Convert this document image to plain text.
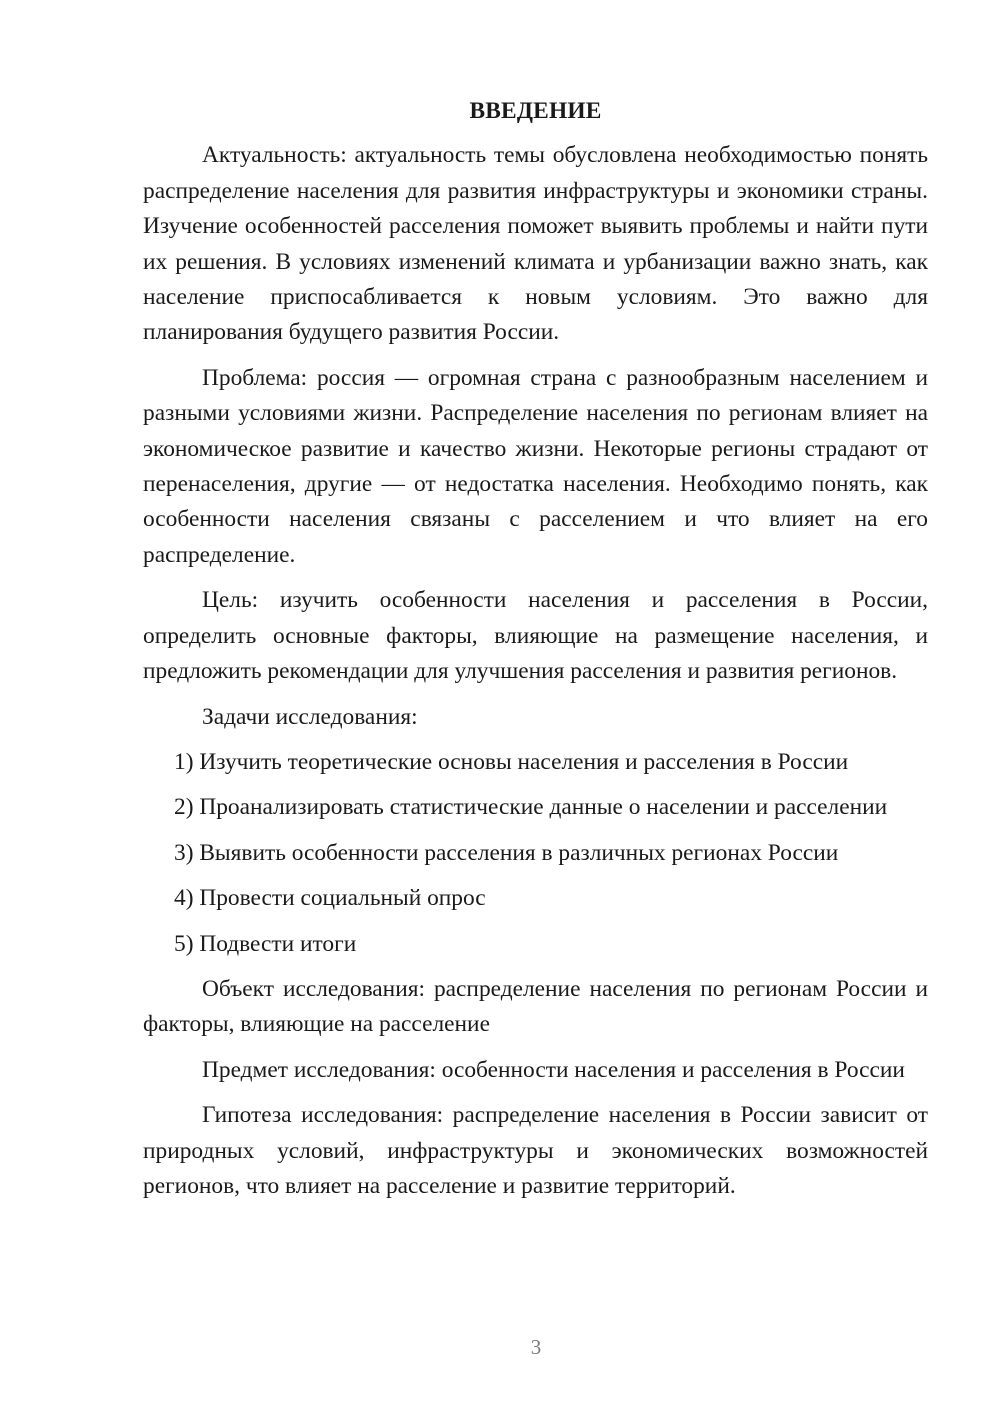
ВВЕДЕНИЕ

Актуальность: актуальность темы обусловлена необходимостью понять распределение населения для развития инфраструктуры и экономики страны. Изучение особенностей расселения поможет выявить проблемы и найти пути их решения. В условиях изменений климата и урбанизации важно знать, как население приспосабливается к новым условиям. Это важно для планирования будущего развития России.

Проблема: россия — огромная страна с разнообразным населением и разными условиями жизни. Распределение населения по регионам влияет на экономическое развитие и качество жизни. Некоторые регионы страдают от перенаселения, другие — от недостатка населения. Необходимо понять, как особенности населения связаны с расселением и что влияет на его распределение.

Цель: изучить особенности населения и расселения в России, определить основные факторы, влияющие на размещение населения, и предложить рекомендации для улучшения расселения и развития регионов.

Задачи исследования:

1) Изучить теоретические основы населения и расселения в России

2) Проанализировать статистические данные о населении и расселении

3) Выявить особенности расселения в различных регионах России

4) Провести социальный опрос

5) Подвести итоги

Объект исследования: распределение населения по регионам России и факторы, влияющие на расселение

Предмет исследования: особенности населения и расселения в России

Гипотеза исследования: распределение населения в России зависит от природных условий, инфраструктуры и экономических возможностей регионов, что влияет на расселение и развитие территорий.

3
